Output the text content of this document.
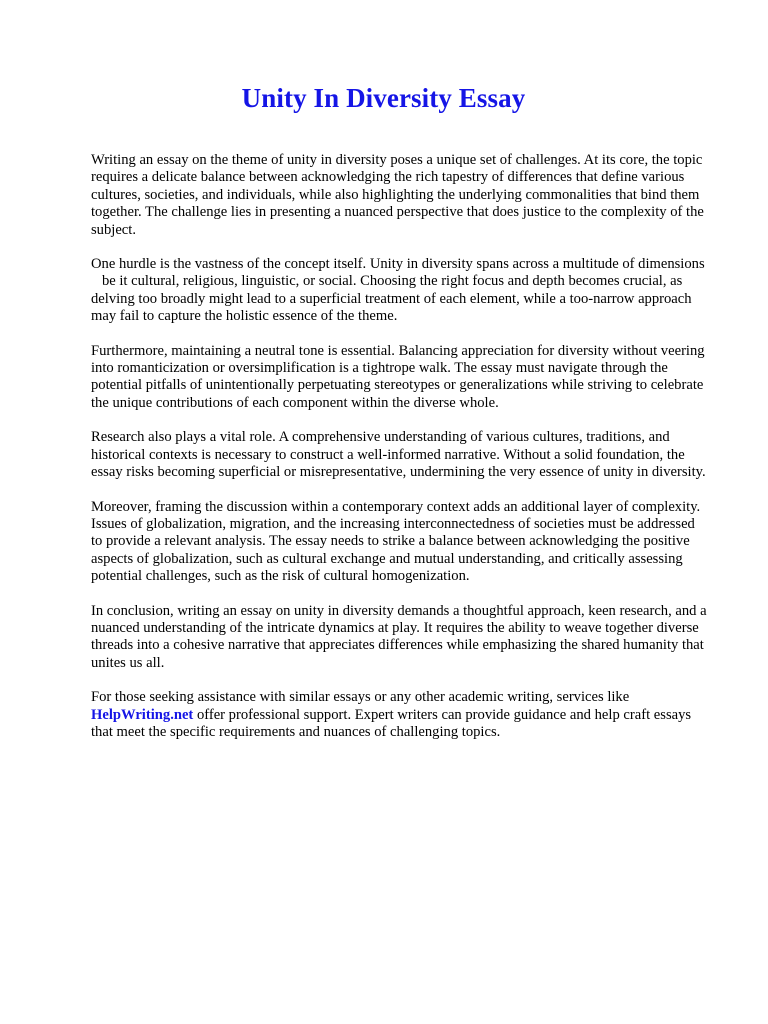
Unity In Diversity Essay

Writing an essay on the theme of unity in diversity poses a unique set of challenges. At its core, the topic requires a delicate balance between acknowledging the rich tapestry of differences that define various cultures, societies, and individuals, while also highlighting the underlying commonalities that bind them together. The challenge lies in presenting a nuanced perspective that does justice to the complexity of the subject.

One hurdle is the vastness of the concept itself. Unity in diversity spans across a multitude of dimensions    be it cultural, religious, linguistic, or social. Choosing the right focus and depth becomes crucial, as delving too broadly might lead to a superficial treatment of each element, while a too-narrow approach may fail to capture the holistic essence of the theme.

Furthermore, maintaining a neutral tone is essential. Balancing appreciation for diversity without veering into romanticization or oversimplification is a tightrope walk. The essay must navigate through the potential pitfalls of unintentionally perpetuating stereotypes or generalizations while striving to celebrate the unique contributions of each component within the diverse whole.

Research also plays a vital role. A comprehensive understanding of various cultures, traditions, and historical contexts is necessary to construct a well-informed narrative. Without a solid foundation, the essay risks becoming superficial or misrepresentative, undermining the very essence of unity in diversity.

Moreover, framing the discussion within a contemporary context adds an additional layer of complexity. Issues of globalization, migration, and the increasing interconnectedness of societies must be addressed to provide a relevant analysis. The essay needs to strike a balance between acknowledging the positive aspects of globalization, such as cultural exchange and mutual understanding, and critically assessing potential challenges, such as the risk of cultural homogenization.

In conclusion, writing an essay on unity in diversity demands a thoughtful approach, keen research, and a nuanced understanding of the intricate dynamics at play. It requires the ability to weave together diverse threads into a cohesive narrative that appreciates differences while emphasizing the shared humanity that unites us all.

For those seeking assistance with similar essays or any other academic writing, services like
HelpWriting.net offer professional support. Expert writers can provide guidance and help craft essays that meet the specific requirements and nuances of challenging topics.
